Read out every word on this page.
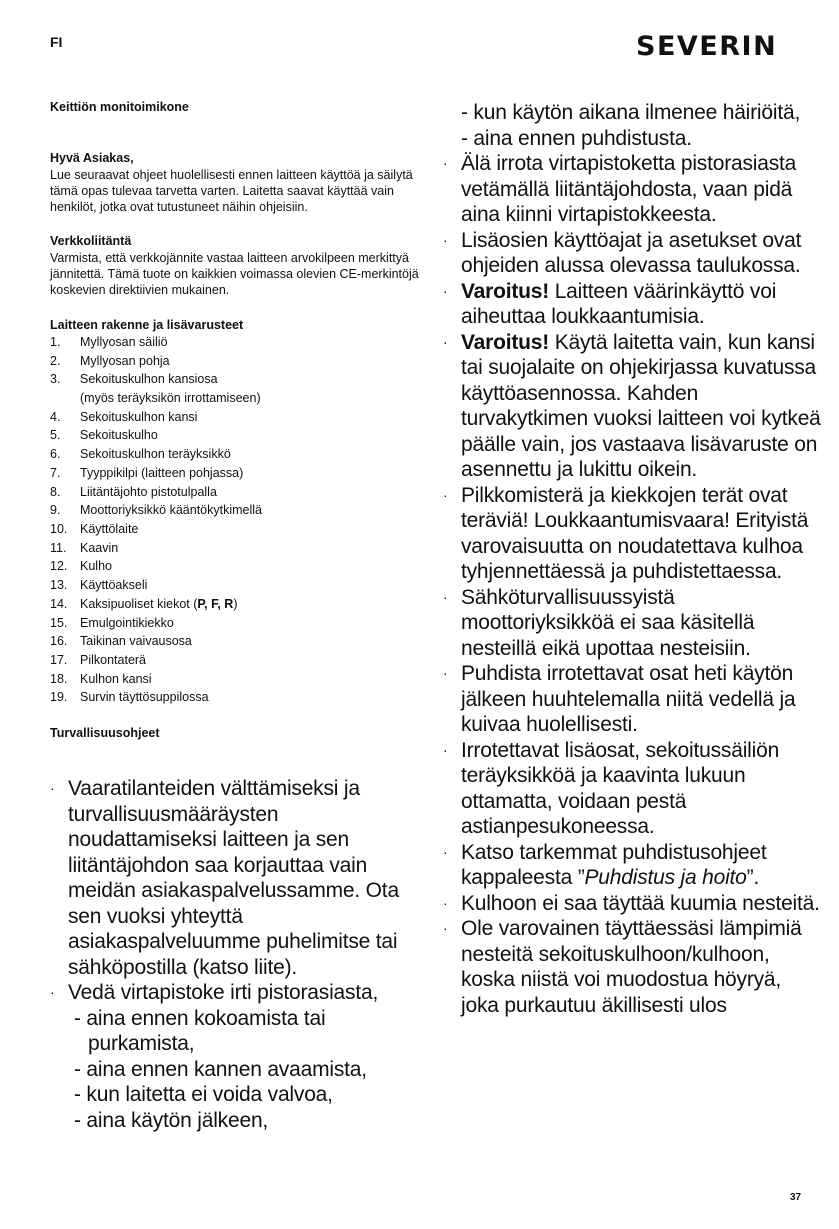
FI	SEVERIN
Keittiön monitoimikone
Hyvä Asiakas,

Lue seuraavat ohjeet huolellisesti ennen laitteen käyttöä ja säilytä tämä opas tulevaa tarvetta varten. Laitetta saavat käyttää vain henkilöt, jotka ovat tutustuneet näihin ohjeisiin.

Verkkoliitäntä

Varmista, että verkkojännite vastaa laitteen arvokilpeen merkittyä jännitettä. Tämä tuote on kaikkien voimassa olevien CE-merkintöjä koskevien direktiivien mukainen.

Laitteen rakenne ja lisävarusteet
1. Myllyosan säiliö
2. Myllyosan pohja
3. Sekoituskulhon kansiosa
(myös teräyksikön irrottamiseen)
4. Sekoituskulhon kansi
5. Sekoituskulho
6. Sekoituskulhon teräyksikkö
7. Tyyppikilpi (laitteen pohjassa)
8. Liitäntäjohto pistotulpalla
9. Moottoriyksikkö kääntökytkimellä
10. Käyttölaite
11. Kaavin
12. Kulho
13. Käyttöakseli
14. Kaksipuoliset kiekot (P, F, R)
15. Emulgointikiekko
16. Taikinan vaivausosa
17. Pilkontaterä
18. Kulhon kansi
19. Survin täyttösuppilossa
Turvallisuusohjeet
· Vaaratilanteiden välttämiseksi ja turvallisuusmääräysten noudattamiseksi laitteen ja sen liitäntäjohdon saa korjauttaa vain meidän asiakaspalvelussamme. Ota sen vuoksi yhteyttä asiakaspalveluumme puhelimitse tai sähköpostilla (katso liite).
· Vedä virtapistoke irti pistorasiasta,
- aina ennen kokoamista tai
purkamista,
- aina ennen kannen avaamista,
- kun laitetta ei voida valvoa,
- aina käytön jälkeen,
- kun käytön aikana ilmenee häiriöitä,
- aina ennen puhdistusta.
· Älä irrota virtapistoketta pistorasiasta vetämällä liitäntäjohdosta, vaan pidä aina kiinni virtapistokkeesta.
· Lisäosien käyttöajat ja asetukset ovat ohjeiden alussa olevassa taulukossa.
· Varoitus! Laitteen väärinkäyttö voi aiheuttaa loukkaantumisia.
· Varoitus! Käytä laitetta vain, kun kansi tai suojalaite on ohjekirjassa kuvatussa käyttöasennossa. Kahden turvakytkimen vuoksi laitteen voi kytkeä päälle vain, jos vastaava lisävaruste on asennettu ja lukittu oikein.
· Pilkkomisterä ja kiekkojen terät ovat teräviä! Loukkaantumisvaara! Erityistä varovaisuutta on noudatettava kulhoa tyhjennettäessä ja puhdistettaessa.
· Sähköturvallisuussyistä moottoriyksikköä ei saa käsitellä nesteillä eikä upottaa nesteisiin.
· Puhdista irrotettavat osat heti käytön jälkeen huuhtelemalla niitä vedellä ja kuivaa huolellisesti.
· Irrotettavat lisäosat, sekoitussäiliön teräyksikköä ja kaavinta lukuun ottamatta, voidaan pestä astianpesukoneessa.
· Katso tarkemmat puhdistusohjeet kappaleesta ”Puhdistus ja hoito”.
· Kulhoon ei saa täyttää kuumia nesteitä.
· Ole varovainen täyttäessäsi lämpimiä nesteitä sekoituskulhoon/kulhoon, koska niistä voi muodostua höyryä, joka purkautuu äkillisesti ulos
37
